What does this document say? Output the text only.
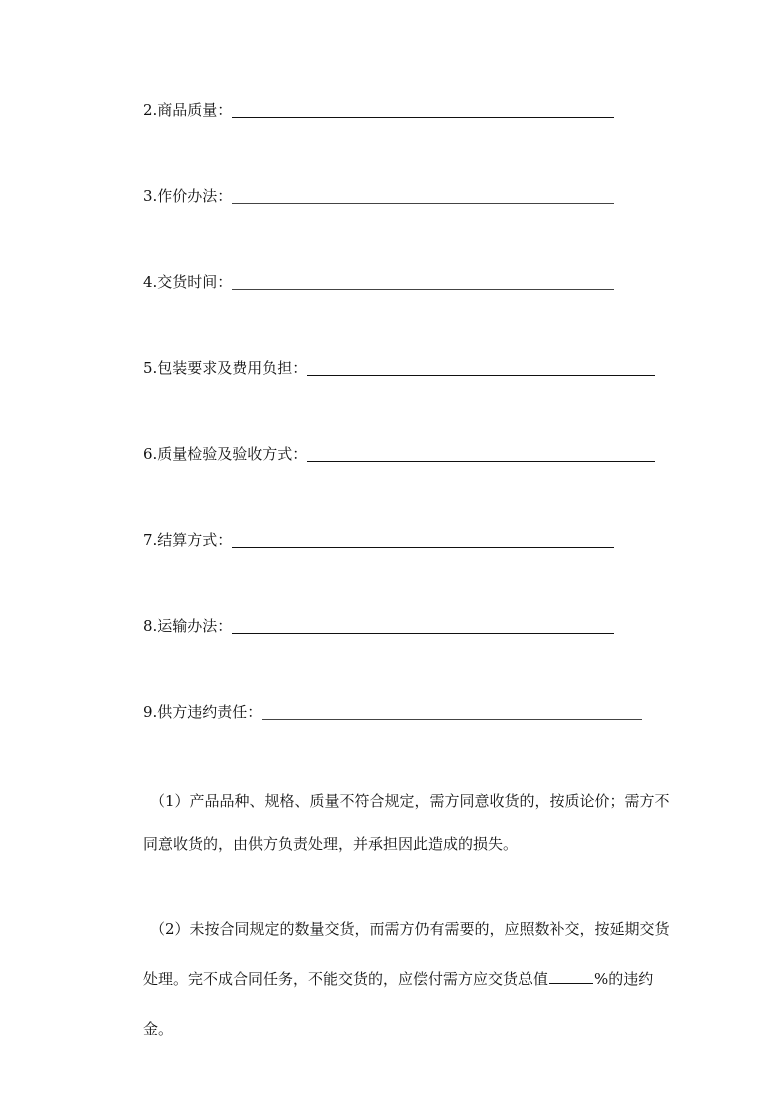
2.商品质量：
3.作价办法：
4.交货时间：
5.包装要求及费用负担：
6.质量检验及验收方式：
7.结算方式：
8.运输办法：
9.供方违约责任：
（1）产品品种、规格、质量不符合规定，需方同意收货的，按质论价；需方不
同意收货的，由供方负责处理，并承担因此造成的损失。
（2）未按合同规定的数量交货，而需方仍有需要的，应照数补交，按延期交货
处理。完不成合同任务，不能交货的，应偿付需方应交货总值	%的违约金。
